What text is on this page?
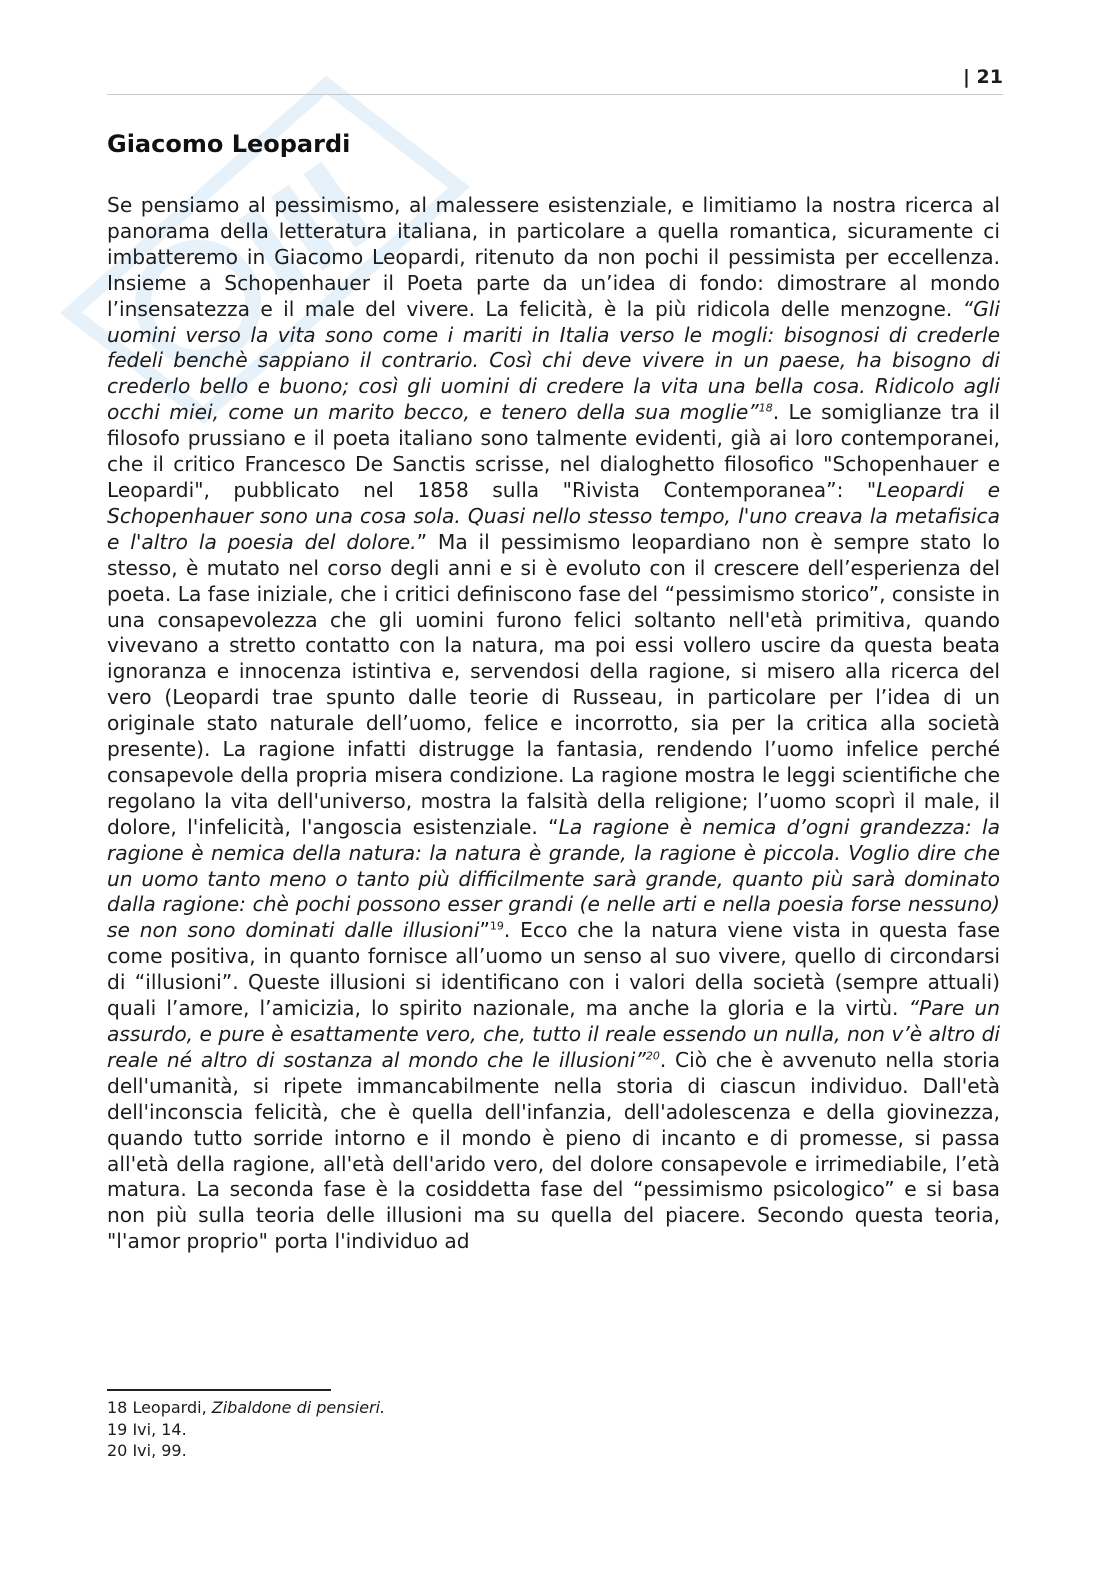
| 21
Giacomo Leopardi

Se pensiamo al pessimismo, al malessere esistenziale, e limitiamo la nostra ricerca al panorama della letteratura italiana, in particolare a quella romantica, sicuramente ci imbatteremo in Giacomo Leopardi, ritenuto da non pochi il pessimista per eccellenza. Insieme a Schopenhauer il Poeta parte da un’idea di fondo: dimostrare al mondo l’insensatezza e il male del vivere. La felicità, è la più ridicola delle menzogne. “Gli uomini verso la vita sono come i mariti in Italia verso le mogli: bisognosi di crederle fedeli benchè sappiano il contrario. Così chi deve vivere in un paese, ha bisogno di crederlo bello e buono; così gli uomini di credere la vita una bella cosa. Ridicolo agli occhi miei, come un marito becco, e tenero della sua moglie”$^{18}$. Le somiglianze tra il filosofo prussiano e il poeta italiano sono talmente evidenti, già ai loro contemporanei, che il critico Francesco De Sanctis scrisse, nel dialoghetto filosofico "Schopenhauer e Leopardi", pubblicato nel 1858 sulla "Rivista Contemporanea”: "Leopardi e Schopenhauer sono una cosa sola. Quasi nello stesso tempo, l'uno creava la metafisica e l'altro la poesia del dolore.” Ma il pessimismo leopardiano non è sempre stato lo stesso, è mutato nel corso degli anni e si è evoluto con il crescere dell’esperienza del poeta. La fase iniziale, che i critici definiscono fase del “pessimismo storico”, consiste in una consapevolezza che gli uomini furono felici soltanto nell'età primitiva, quando vivevano a stretto contatto con la natura, ma poi essi vollero uscire da questa beata ignoranza e innocenza istintiva e, servendosi della ragione, si misero alla ricerca del vero (Leopardi trae spunto dalle teorie di Russeau, in particolare per l’idea di un originale stato naturale dell’uomo, felice e incorrotto, sia per la critica alla società presente). La ragione infatti distrugge la fantasia, rendendo l’uomo infelice perché consapevole della propria misera condizione. La ragione mostra le leggi scientifiche che regolano la vita dell'universo, mostra la falsità della religione; l’uomo scoprì il male, il dolore, l'infelicità, l'angoscia esistenziale. “La ragione è nemica d’ogni grandezza: la ragione è nemica della natura: la natura è grande, la ragione è piccola. Voglio dire che un uomo tanto meno o tanto più difficilmente sarà grande, quanto più sarà dominato dalla ragione: chè pochi possono esser grandi (e nelle arti e nella poesia forse nessuno) se non sono dominati dalle illusioni”$^{19}$. Ecco che la natura viene vista in questa fase come positiva, in quanto fornisce all’uomo un senso al suo vivere, quello di circondarsi di “illusioni”. Queste illusioni si identificano con i valori della società (sempre attuali) quali l’amore, l’amicizia, lo spirito nazionale, ma anche la gloria e la virtù. “Pare un assurdo, e pure è esattamente vero, che, tutto il reale essendo un nulla, non v’è altro di reale né altro di sostanza al mondo che le illusioni”$^{20}$. Ciò che è avvenuto nella storia dell'umanità, si ripete immancabilmente nella storia di ciascun individuo. Dall'età dell'inconscia felicità, che è quella dell'infanzia, dell'adolescenza e della giovinezza, quando tutto sorride intorno e il mondo è pieno di incanto e di promesse, si passa all'età della ragione, all'età dell'arido vero, del dolore consapevole e irrimediabile, l’età matura. La seconda fase è la cosiddetta fase del “pessimismo psicologico” e si basa non più sulla teoria delle illusioni ma su quella del piacere. Secondo questa teoria, "l'amor proprio" porta l'individuo ad

18 Leopardi, Zibaldone di pensieri.
19 Ivi, 14.
20 Ivi, 99.
